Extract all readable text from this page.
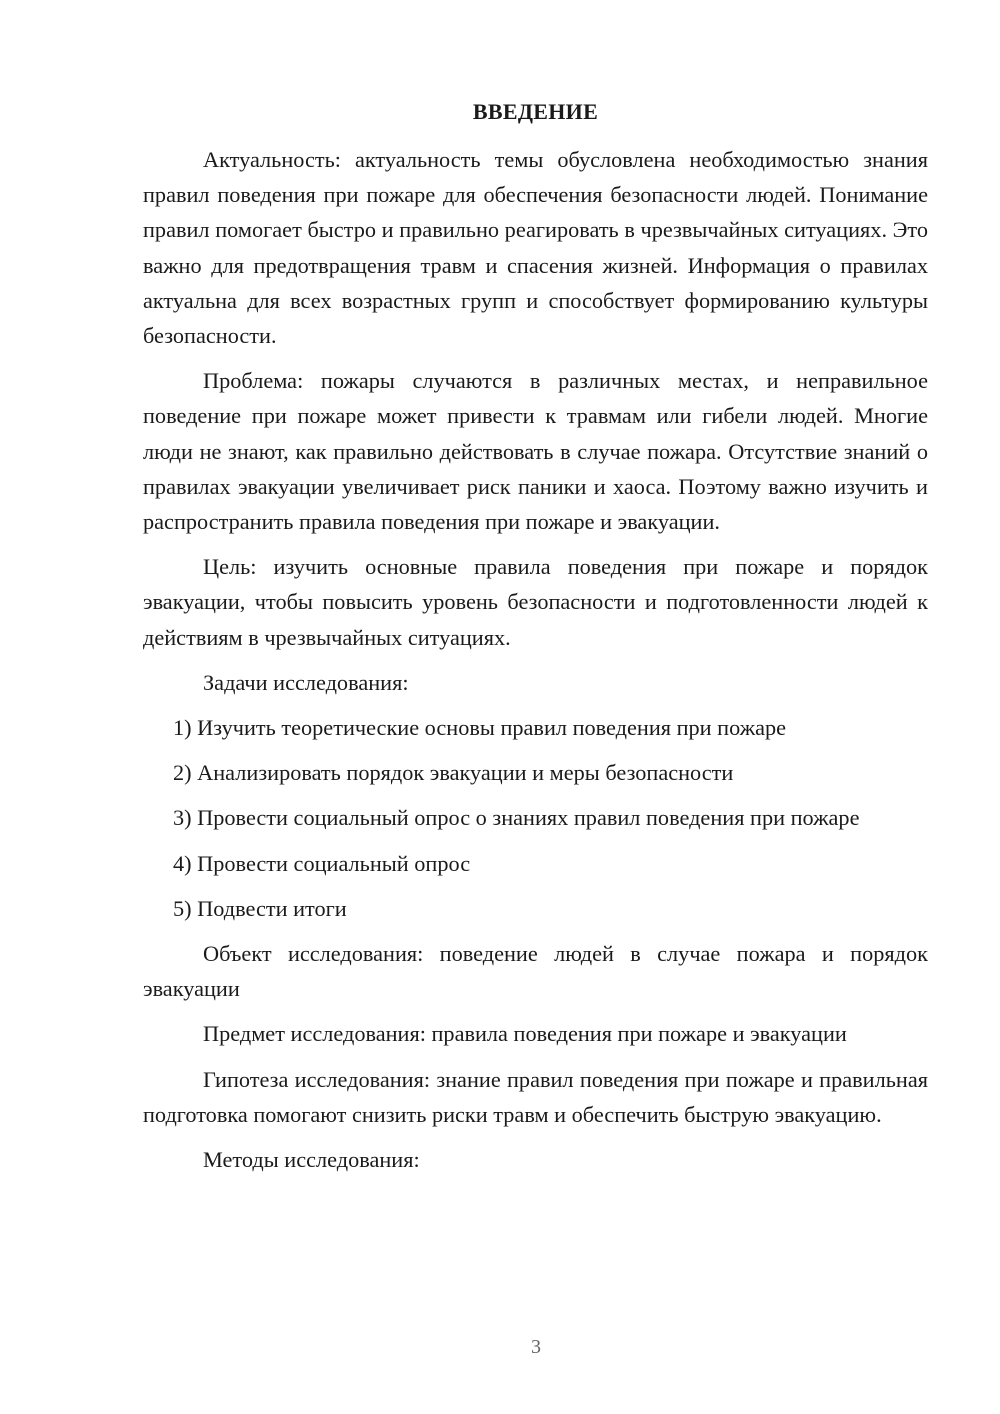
ВВЕДЕНИЕ

Актуальность: актуальность темы обусловлена необходимостью знания правил поведения при пожаре для обеспечения безопасности людей. Понимание правил помогает быстро и правильно реагировать в чрезвычайных ситуациях. Это важно для предотвращения травм и спасения жизней. Информация о правилах актуальна для всех возрастных групп и способствует формированию культуры безопасности.

Проблема: пожары случаются в различных местах, и неправильное поведение при пожаре может привести к травмам или гибели людей. Многие люди не знают, как правильно действовать в случае пожара. Отсутствие знаний о правилах эвакуации увеличивает риск паники и хаоса. Поэтому важно изучить и распространить правила поведения при пожаре и эвакуации.

Цель: изучить основные правила поведения при пожаре и порядок эвакуации, чтобы повысить уровень безопасности и подготовленности людей к действиям в чрезвычайных ситуациях.

Задачи исследования:

1) Изучить теоретические основы правил поведения при пожаре

2) Анализировать порядок эвакуации и меры безопасности

3) Провести социальный опрос о знаниях правил поведения при пожаре

4) Провести социальный опрос

5) Подвести итоги

Объект исследования: поведение людей в случае пожара и порядок эвакуации

Предмет исследования: правила поведения при пожаре и эвакуации

Гипотеза исследования: знание правил поведения при пожаре и правильная подготовка помогают снизить риски травм и обеспечить быструю эвакуацию.

Методы исследования:

3
